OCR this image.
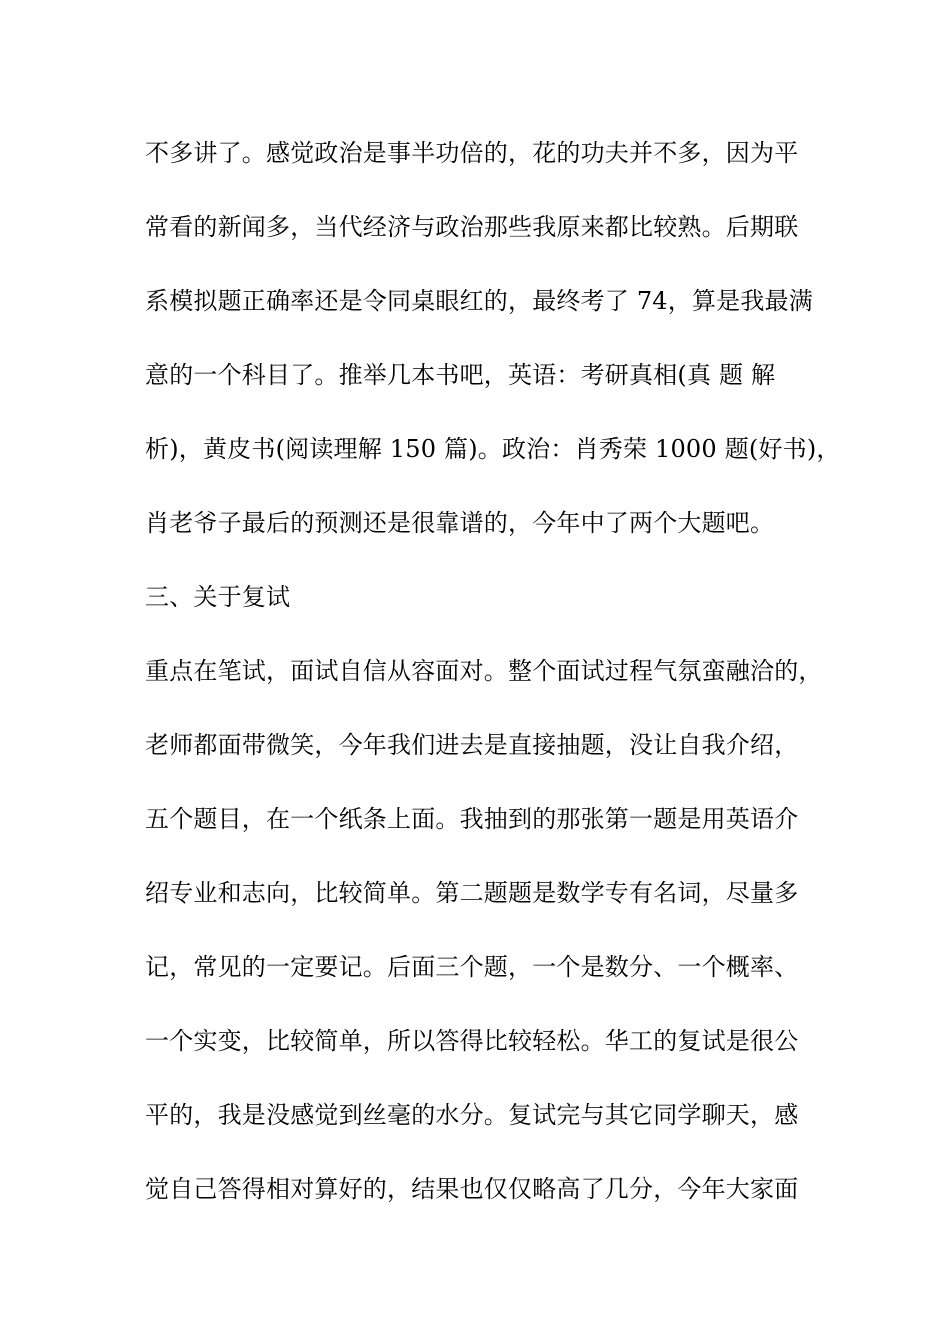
不多讲了。感觉政治是事半功倍的，花的功夫并不多，因为平
常看的新闻多，当代经济与政治那些我原来都比较熟。后期联
系模拟题正确率还是令同桌眼红的，最终考了 74，算是我最满
意的一个科目了。推举几本书吧，英语：考研真相(真 题 解
析)，黄皮书(阅读理解 150 篇)。政治：肖秀荣 1000 题(好书)，
肖老爷子最后的预测还是很靠谱的，今年中了两个大题吧。
三、关于复试
重点在笔试，面试自信从容面对。整个面试过程气氛蛮融洽的，
老师都面带微笑，今年我们进去是直接抽题，没让自我介绍，
五个题目，在一个纸条上面。我抽到的那张第一题是用英语介
绍专业和志向，比较简单。第二题题是数学专有名词，尽量多
记，常见的一定要记。后面三个题，一个是数分、一个概率、
一个实变，比较简单，所以答得比较轻松。华工的复试是很公
平的，我是没感觉到丝毫的水分。复试完与其它同学聊天，感
觉自己答得相对算好的，结果也仅仅略高了几分，今年大家面
